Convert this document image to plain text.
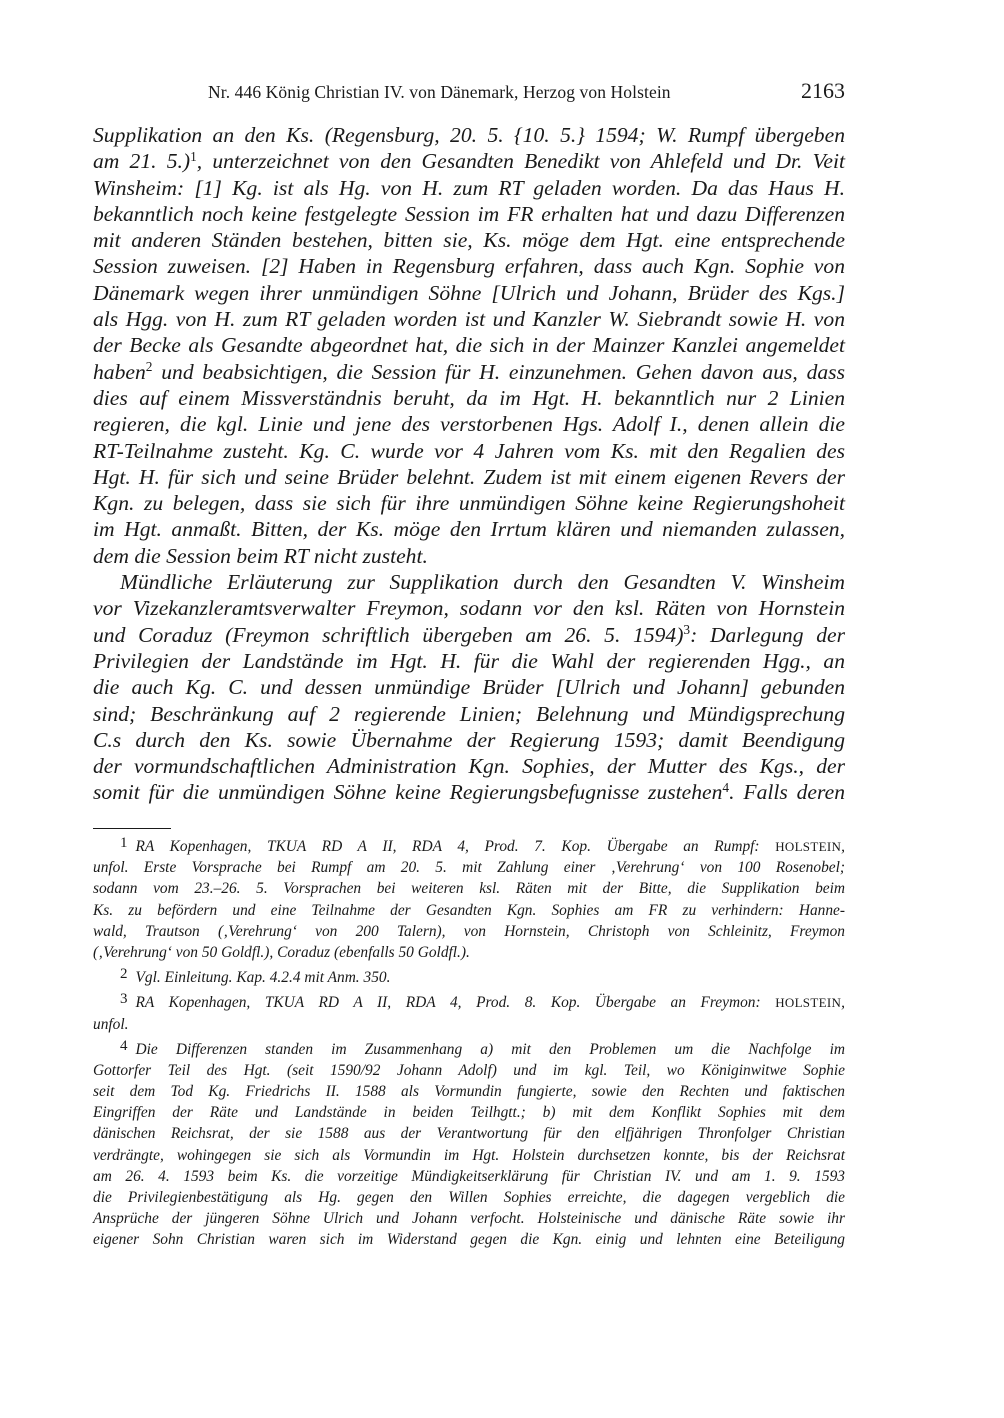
Nr. 446 König Christian IV. von Dänemark, Herzog von Holstein	2163
Supplikation an den Ks. (Regensburg, 20. 5. {10. 5.} 1594; W. Rumpf übergeben
am 21. 5.)$^1$, unterzeichnet von den Gesandten Benedikt von Ahlefeld und Dr. Veit
Winsheim: [1] Kg. ist als Hg. von H. zum RT geladen worden. Da das Haus H.
bekanntlich noch keine festgelegte Session im FR erhalten hat und dazu Differenzen
mit anderen Ständen bestehen, bitten sie, Ks. möge dem Hgt. eine entsprechende
Session zuweisen. [2] Haben in Regensburg erfahren, dass auch Kgn. Sophie von
Dänemark wegen ihrer unmündigen Söhne [Ulrich und Johann, Brüder des Kgs.]
als Hgg. von H. zum RT geladen worden ist und Kanzler W. Siebrandt sowie H. von
der Becke als Gesandte abgeordnet hat, die sich in der Mainzer Kanzlei angemeldet
haben$^2$ und beabsichtigen, die Session für H. einzunehmen. Gehen davon aus, dass
dies auf einem Missverständnis beruht, da im Hgt. H. bekanntlich nur 2 Linien
regieren, die kgl. Linie und jene des verstorbenen Hgs. Adolf I., denen allein die
RT-Teilnahme zusteht. Kg. C. wurde vor 4 Jahren vom Ks. mit den Regalien des
Hgt. H. für sich und seine Brüder belehnt. Zudem ist mit einem eigenen Revers der
Kgn. zu belegen, dass sie sich für ihre unmündigen Söhne keine Regierungshoheit
im Hgt. anmaßt. Bitten, der Ks. möge den Irrtum klären und niemanden zulassen,
dem die Session beim RT nicht zusteht.
Mündliche Erläuterung zur Supplikation durch den Gesandten V. Winsheim
vor Vizekanzleramtsverwalter Freymon, sodann vor den ksl. Räten von Hornstein
und Coraduz (Freymon schriftlich übergeben am 26. 5. 1594)$^3$: Darlegung der
Privilegien der Landstände im Hgt. H. für die Wahl der regierenden Hgg., an
die auch Kg. C. und dessen unmündige Brüder [Ulrich und Johann] gebunden
sind; Beschränkung auf 2 regierende Linien; Belehnung und Mündigsprechung
C.s durch den Ks. sowie Übernahme der Regierung 1593; damit Beendigung
der vormundschaftlichen Administration Kgn. Sophies, der Mutter des Kgs., der
somit für die unmündigen Söhne keine Regierungsbefugnisse zustehen$^4$. Falls deren
1 RA Kopenhagen, TKUA RD A II, RDA 4, Prod. 7. Kop. Übergabe an Rumpf: HOLSTEIN,
unfol. Erste Vorsprache bei Rumpf am 20. 5. mit Zahlung einer ‚Verehrung‘ von 100 Rosenobel;
sodann vom 23.–26. 5. Vorsprachen bei weiteren ksl. Räten mit der Bitte, die Supplikation beim
Ks. zu befördern und eine Teilnahme der Gesandten Kgn. Sophies am FR zu verhindern: Hanne-
wald, Trautson (‚Verehrung‘ von 200 Talern), von Hornstein, Christoph von Schleinitz, Freymon
(‚Verehrung‘ von 50 Goldfl.), Coraduz (ebenfalls 50 Goldfl.).
2 Vgl. Einleitung. Kap. 4.2.4 mit Anm. 350.
3 RA Kopenhagen, TKUA RD A II, RDA 4, Prod. 8. Kop. Übergabe an Freymon: HOLSTEIN,
unfol.
4 Die Differenzen standen im Zusammenhang a) mit den Problemen um die Nachfolge im
Gottorfer Teil des Hgt. (seit 1590/92 Johann Adolf) und im kgl. Teil, wo Königinwitwe Sophie
seit dem Tod Kg. Friedrichs II. 1588 als Vormundin fungierte, sowie den Rechten und faktischen
Eingriffen der Räte und Landstände in beiden Teilhgtt.; b) mit dem Konflikt Sophies mit dem
dänischen Reichsrat, der sie 1588 aus der Verantwortung für den elfjährigen Thronfolger Christian
verdrängte, wohingegen sie sich als Vormundin im Hgt. Holstein durchsetzen konnte, bis der Reichsrat
am 26. 4. 1593 beim Ks. die vorzeitige Mündigkeitserklärung für Christian IV. und am 1. 9. 1593
die Privilegienbestätigung als Hg. gegen den Willen Sophies erreichte, die dagegen vergeblich die
Ansprüche der jüngeren Söhne Ulrich und Johann verfocht. Holsteinische und dänische Räte sowie ihr
eigener Sohn Christian waren sich im Widerstand gegen die Kgn. einig und lehnten eine Beteiligung
